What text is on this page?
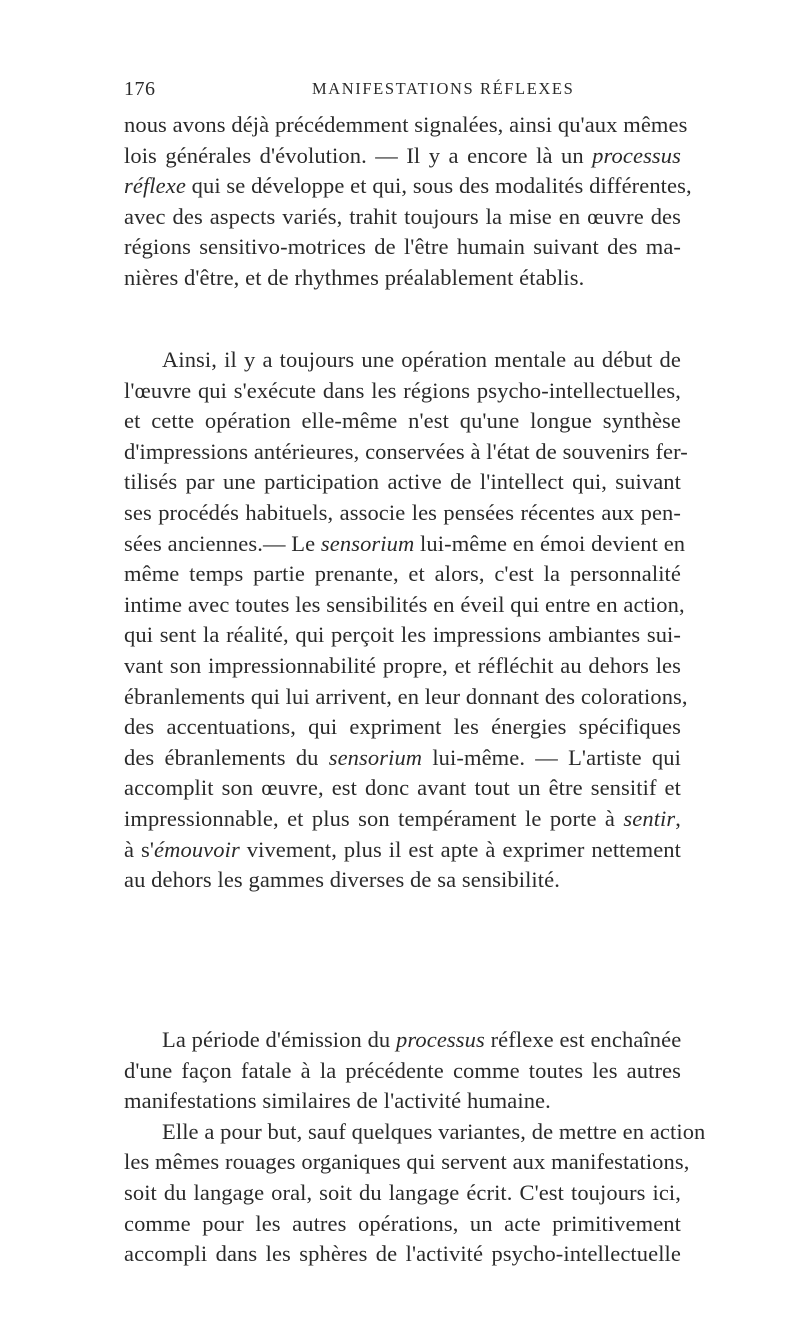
176	MANIFESTATIONS RÉFLEXES
nous avons déjà précédemment signalées, ainsi qu'aux mêmes
lois générales d'évolution. — Il y a encore là un processus
réflexe qui se développe et qui, sous des modalités différentes,
avec des aspects variés, trahit toujours la mise en œuvre des
régions sensitivo-motrices de l'être humain suivant des ma-
nières d'être, et de rhythmes préalablement établis.
Ainsi, il y a toujours une opération mentale au début de
l'œuvre qui s'exécute dans les régions psycho-intellectuelles,
et cette opération elle-même n'est qu'une longue synthèse
d'impressions antérieures, conservées à l'état de souvenirs fer-
tilisés par une participation active de l'intellect qui, suivant
ses procédés habituels, associe les pensées récentes aux pen-
sées anciennes.— Le sensorium lui-même en émoi devient en
même temps partie prenante, et alors, c'est la personnalité
intime avec toutes les sensibilités en éveil qui entre en action,
qui sent la réalité, qui perçoit les impressions ambiantes sui-
vant son impressionnabilité propre, et réfléchit au dehors les
ébranlements qui lui arrivent, en leur donnant des colorations,
des accentuations, qui expriment les énergies spécifiques
des ébranlements du sensorium lui-même. — L'artiste qui
accomplit son œuvre, est donc avant tout un être sensitif et
impressionnable, et plus son tempérament le porte à sentir,
à s'émouvoir vivement, plus il est apte à exprimer nettement
au dehors les gammes diverses de sa sensibilité.
La période d'émission du processus réflexe est enchaînée
d'une façon fatale à la précédente comme toutes les autres
manifestations similaires de l'activité humaine.
Elle a pour but, sauf quelques variantes, de mettre en action
les mêmes rouages organiques qui servent aux manifestations,
soit du langage oral, soit du langage écrit. C'est toujours ici,
comme pour les autres opérations, un acte primitivement
accompli dans les sphères de l'activité psycho-intellectuelle
